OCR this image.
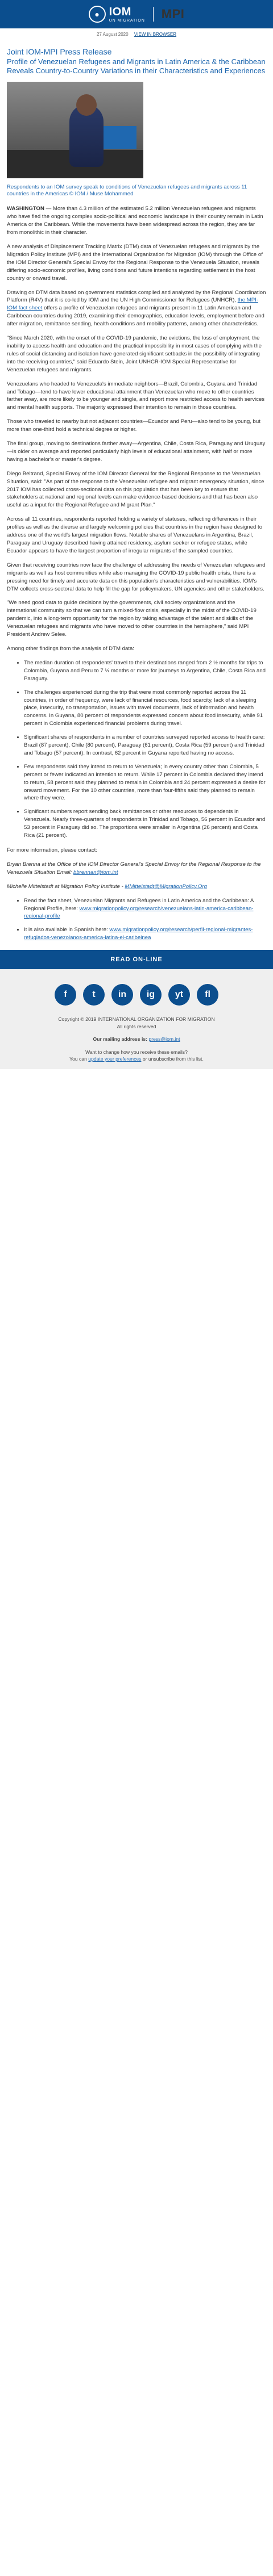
● IOM
UN MIGRATION MPI
27 August 2020 VIEW IN BROWSER
Joint IOM-MPI Press Release
Profile of Venezuelan Refugees and Migrants in Latin America & the Caribbean Reveals Country-to-Country Variations in their Characteristics and Experiences
Respondents to an IOM survey speak to conditions of Venezuelan refugees and migrants across 11 countries in the Americas © IOM / Muse Mohammed

WASHINGTON — More than 4.3 million of the estimated 5.2 million Venezuelan refugees and migrants who have fled the ongoing complex socio-political and economic landscape in their country remain in Latin America or the Caribbean. While the movements have been widespread across the region, they are far from monolithic in their character.

A new analysis of Displacement Tracking Matrix (DTM) data of Venezuelan refugees and migrants by the Migration Policy Institute (MPI) and the International Organization for Migration (IOM) through the Office of the IOM Director General's Special Envoy for the Regional Response to the Venezuela Situation, reveals differing socio-economic profiles, living conditions and future intentions regarding settlement in the host country or onward travel.

Drawing on DTM data based on government statistics compiled and analyzed by the Regional Coordination Platform (R4V) that it is co-led by IOM and the UN High Commissioner for Refugees (UNHCR), the MPI-IOM fact sheet offers a profile of Venezuelan refugees and migrants present in 11 Latin American and Caribbean countries during 2019, examining their demographics, education levels, employment before and after migration, remittance sending, health conditions and mobility patterns, among other characteristics.

"Since March 2020, with the onset of the COVID-19 pandemic, the evictions, the loss of employment, the inability to access health and education and the practical impossibility in most cases of complying with the rules of social distancing and isolation have generated significant setbacks in the possibility of integrating into the receiving countries," said Eduardo Stein, Joint UNHCR-IOM Special Representative for Venezuelan refugees and migrants.

Venezuelans who headed to Venezuela's immediate neighbors—Brazil, Colombia, Guyana and Trinidad and Tobago—tend to have lower educational attainment than Venezuelan who move to other countries farther away, are more likely to be younger and single, and report more restricted access to health services and mental health supports. The majority expressed their intention to remain in those countries.

Those who traveled to nearby but not adjacent countries—Ecuador and Peru—also tend to be young, but more than one-third hold a technical degree or higher.

The final group, moving to destinations farther away—Argentina, Chile, Costa Rica, Paraguay and Uruguay—is older on average and reported particularly high levels of educational attainment, with half or more having a bachelor's or master's degree.

Diego Beltrand, Special Envoy of the IOM Director General for the Regional Response to the Venezuelan Situation, said: "As part of the response to the Venezuelan refugee and migrant emergency situation, since 2017 IOM has collected cross-sectional data on this population that has been key to ensure that stakeholders at national and regional levels can make evidence-based decisions and that has been also useful as a input for the Regional Refugee and Migrant Plan."

Across all 11 countries, respondents reported holding a variety of statuses, reflecting differences in their profiles as well as the diverse and largely welcoming policies that countries in the region have designed to address one of the world's largest migration flows. Notable shares of Venezuelans in Argentina, Brazil, Paraguay and Uruguay described having attained residency, asylum seeker or refugee status, while Ecuador appears to have the largest proportion of irregular migrants of the sampled countries.

Given that receiving countries now face the challenge of addressing the needs of Venezuelan refugees and migrants as well as host communities while also managing the COVID-19 public health crisis, there is a pressing need for timely and accurate data on this population's characteristics and vulnerabilities. IOM's DTM collects cross-sectoral data to help fill the gap for policymakers, UN agencies and other stakeholders.

"We need good data to guide decisions by the governments, civil society organizations and the international community so that we can turn a mixed-flow crisis, especially in the midst of the COVID-19 pandemic, into a long-term opportunity for the region by taking advantage of the talent and skills of the Venezuelan refugees and migrants who have moved to other countries in the hemisphere," said MPI President Andrew Selee.

Among other findings from the analysis of DTM data:

• The median duration of respondents' travel to their destinations ranged from 2 ½ months for trips to Colombia, Guyana and Peru to 7 ½ months or more for journeys to Argentina, Chile, Costa Rica and Paraguay.
• The challenges experienced during the trip that were most commonly reported across the 11 countries, in order of frequency, were lack of financial resources, food scarcity, lack of a sleeping place, insecurity, no transportation, issues with travel documents, lack of information and health concerns. In Guyana, 80 percent of respondents expressed concern about food insecurity, while 91 percent in Colombia experienced financial problems during travel.
• Significant shares of respondents in a number of countries surveyed reported access to health care: Brazil (87 percent), Chile (80 percent), Paraguay (61 percent), Costa Rica (59 percent) and Trinidad and Tobago (57 percent). In contrast, 62 percent in Guyana reported having no access.
• Few respondents said they intend to return to Venezuela; in every country other than Colombia, 5 percent or fewer indicated an intention to return. While 17 percent in Colombia declared they intend to return, 58 percent said they planned to remain in Colombia and 24 percent expressed a desire for onward movement. For the 10 other countries, more than four-fifths said they planned to remain where they were.
• Significant numbers report sending back remittances or other resources to dependents in Venezuela. Nearly three-quarters of respondents in Trinidad and Tobago, 56 percent in Ecuador and 53 percent in Paraguay did so. The proportions were smaller in Argentina (26 percent) and Costa Rica (21 percent).

For more information, please contact:

Bryan Brenna at the Office of the IOM Director General's Special Envoy for the Regional Response to the Venezuela Situation Email: bbrennan@iom.int

Michelle Mittelstadt at Migration Policy Institute - MMittelstadt@MigrationPolicy.Org

• Read the fact sheet, Venezuelan Migrants and Refugees in Latin America and the Caribbean: A Regional Profile, here: www.migrationpolicy.org/research/venezuelans-latin-america-caribbean-regional-profile
• It is also available in Spanish here: www.migrationpolicy.org/research/perfil-regional-migrantes-refugiados-venezolanos-america-latina-el-caribeinea
READ ON-LINE
f	t	in	ig	yt	fl
Copyright © 2019 INTERNATIONAL ORGANIZATION FOR MIGRATION
All rights reserved
Our mailing address is: press@iom.int
Want to change how you receive these emails?
You can update your preferences or unsubscribe from this list.
